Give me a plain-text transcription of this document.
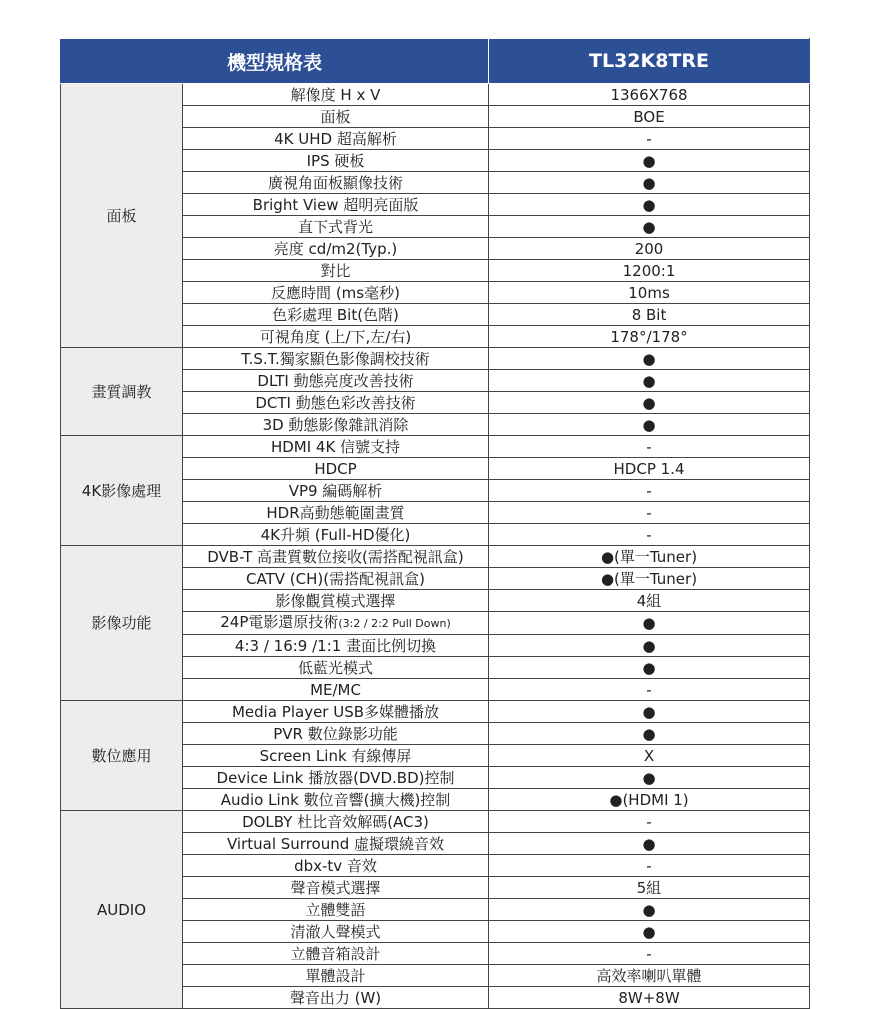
機型規格表		TL32K8TRE
面板	解像度 H x V	1366X768
	面板	BOE
	4K UHD 超高解析	-
	IPS 硬板	●
	廣視角面板顯像技術	●
	Bright View 超明亮面版	●
	直下式背光	●
	亮度 cd/m2(Typ.)	200
	對比	1200:1
	反應時間 (ms毫秒)	10ms
	色彩處理 Bit(色階)	8 Bit
	可視角度 (上/下,左/右)	178°/178°
畫質調教	T.S.T.獨家顯色影像調校技術	●
	DLTI 動態亮度改善技術	●
	DCTI 動態色彩改善技術	●
	3D 動態影像雜訊消除	●
4K影像處理	HDMI 4K 信號支持	-
	HDCP	HDCP 1.4
	VP9 編碼解析	-
	HDR高動態範圍畫質	-
	4K升頻 (Full-HD優化)	-
影像功能	DVB-T 高畫質數位接收(需搭配視訊盒)	●(單一Tuner)
	CATV (CH)(需搭配視訊盒)	●(單一Tuner)
	影像觀賞模式選擇	4組
	24P電影還原技術(3:2 / 2:2 Pull Down)	●
	4:3 / 16:9 /1:1 畫面比例切換	●
	低藍光模式	●
	ME/MC	-
數位應用	Media Player USB多媒體播放	●
	PVR 數位錄影功能	●
	Screen Link 有線傳屏	X
	Device Link 播放器(DVD.BD)控制	●
	Audio Link 數位音響(擴大機)控制	●(HDMI 1)
AUDIO	DOLBY 杜比音效解碼(AC3)	-
	Virtual Surround 虛擬環繞音效	●
	dbx-tv 音效	-
	聲音模式選擇	5組
	立體雙語	●
	清澈人聲模式	●
	立體音箱設計	-
	單體設計	高效率喇叭單體
	聲音出力 (W)	8W+8W
